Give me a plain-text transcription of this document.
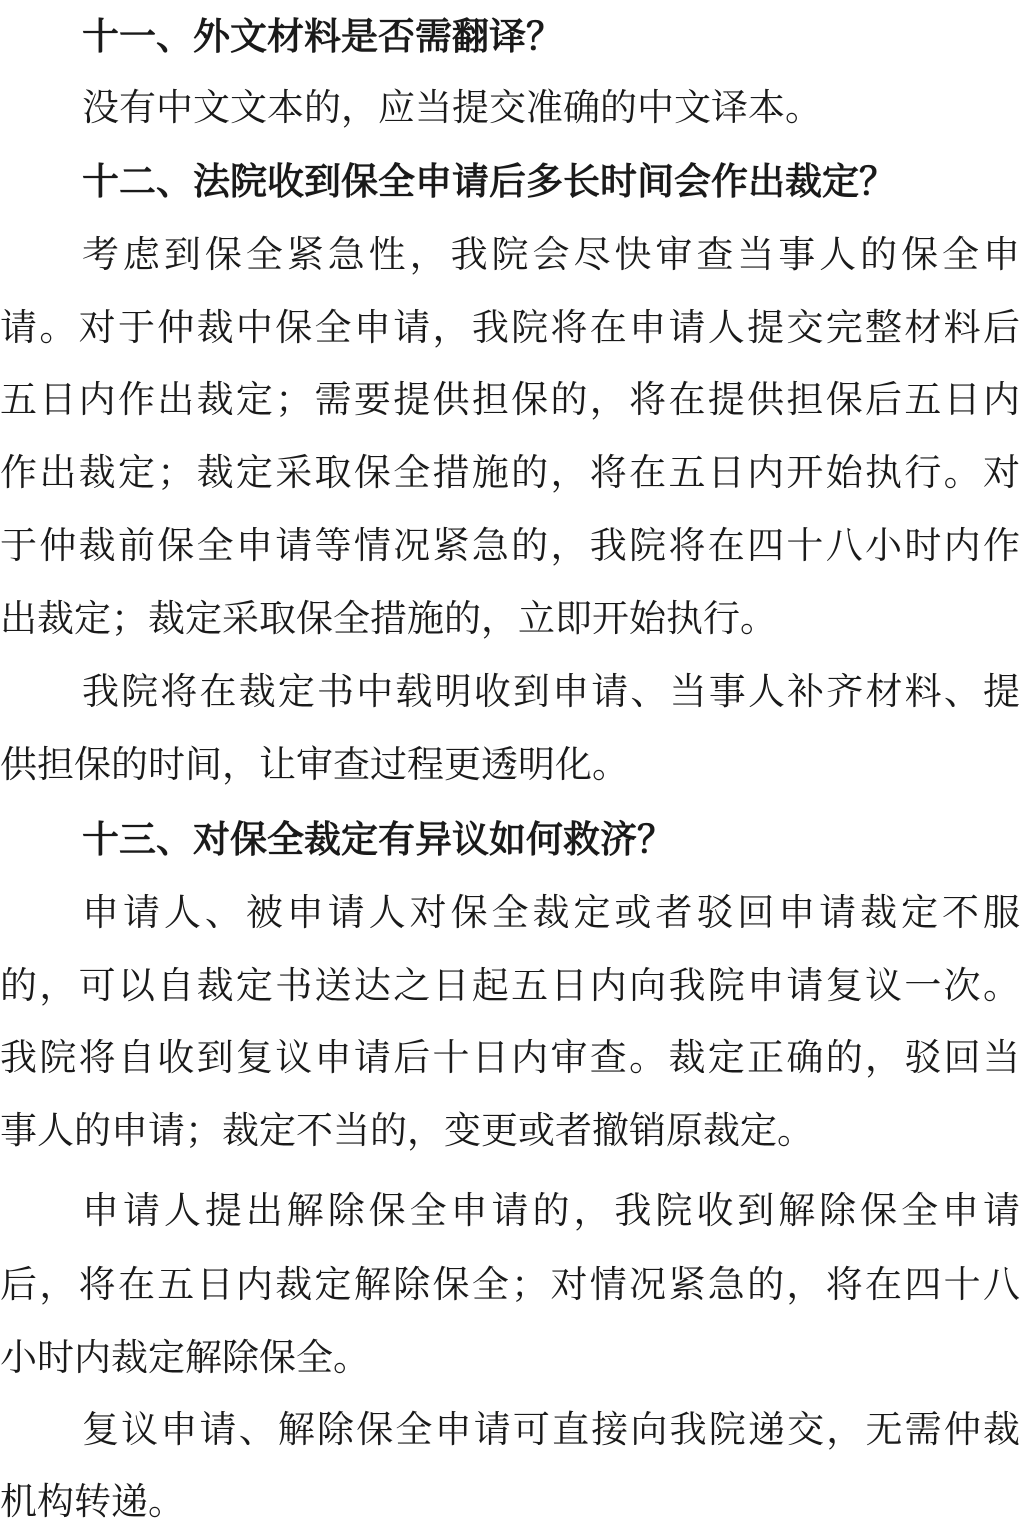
十一、外文材料是否需翻译？
没有中文文本的，应当提交准确的中文译本。
十二、法院收到保全申请后多长时间会作出裁定？
考虑到保全紧急性，我院会尽快审查当事人的保全申
请。对于仲裁中保全申请，我院将在申请人提交完整材料后
五日内作出裁定；需要提供担保的，将在提供担保后五日内
作出裁定；裁定采取保全措施的，将在五日内开始执行。对
于仲裁前保全申请等情况紧急的，我院将在四十八小时内作
出裁定；裁定采取保全措施的，立即开始执行。
我院将在裁定书中载明收到申请、当事人补齐材料、提
供担保的时间，让审查过程更透明化。
十三、对保全裁定有异议如何救济？
申请人、被申请人对保全裁定或者驳回申请裁定不服
的，可以自裁定书送达之日起五日内向我院申请复议一次。
我院将自收到复议申请后十日内审查。裁定正确的，驳回当
事人的申请；裁定不当的，变更或者撤销原裁定。
申请人提出解除保全申请的，我院收到解除保全申请
后，将在五日内裁定解除保全；对情况紧急的，将在四十八
小时内裁定解除保全。
复议申请、解除保全申请可直接向我院递交，无需仲裁
机构转递。
